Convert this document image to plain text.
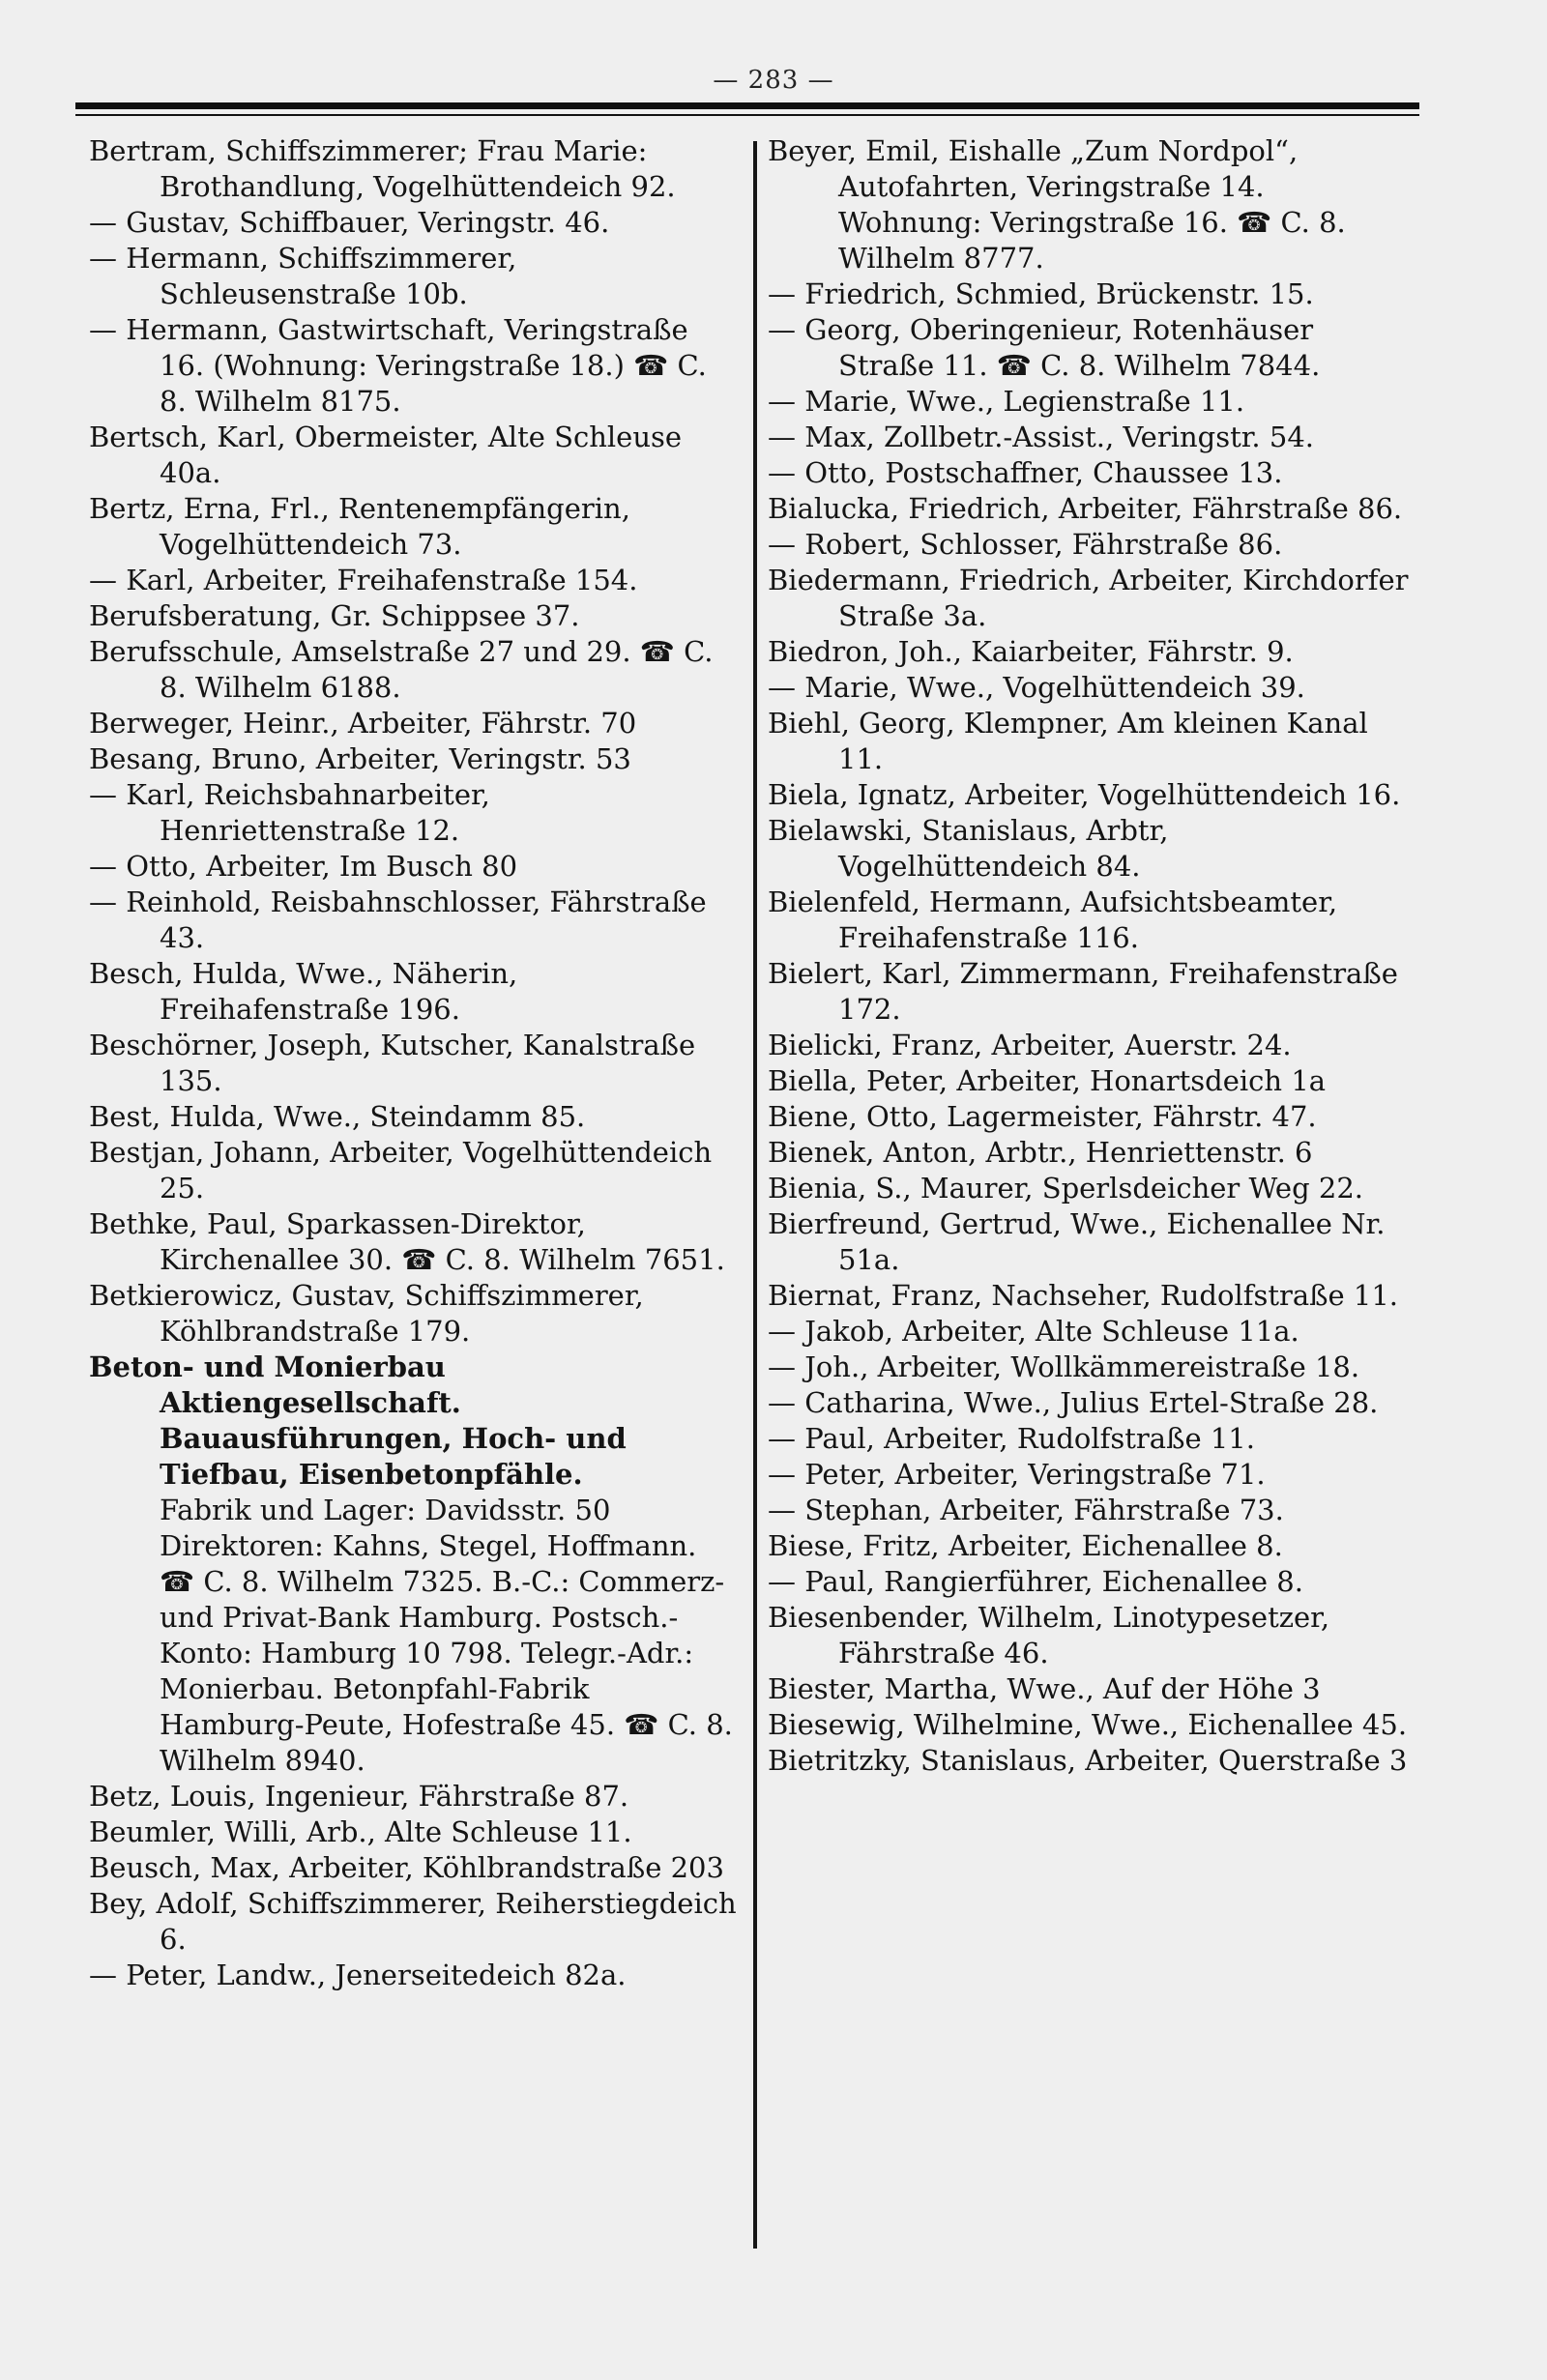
— 283 —

Bertram, Schiffszimmerer; Frau Marie: Brothandlung, Vogelhüttendeich 92.

— Gustav, Schiffbauer, Veringstr. 46.

— Hermann, Schiffszimmerer, Schleusenstraße 10b.

— Hermann, Gastwirtschaft, Veringstraße 16. (Wohnung: Veringstraße 18.) ☎ C. 8. Wilhelm 8175.

Bertsch, Karl, Obermeister, Alte Schleuse 40a.

Bertz, Erna, Frl., Rentenempfängerin, Vogelhüttendeich 73.

— Karl, Arbeiter, Freihafenstraße 154.

Berufsberatung, Gr. Schippsee 37.

Berufsschule, Amselstraße 27 und 29. ☎ C. 8. Wilhelm 6188.

Berweger, Heinr., Arbeiter, Fährstr. 70

Besang, Bruno, Arbeiter, Veringstr. 53

— Karl, Reichsbahnarbeiter, Henriettenstraße 12.

— Otto, Arbeiter, Im Busch 80

— Reinhold, Reisbahnschlosser, Fährstraße 43.

Besch, Hulda, Wwe., Näherin, Freihafenstraße 196.

Beschörner, Joseph, Kutscher, Kanalstraße 135.

Best, Hulda, Wwe., Steindamm 85.

Bestjan, Johann, Arbeiter, Vogelhüttendeich 25.

Bethke, Paul, Sparkassen-Direktor, Kirchenallee 30. ☎ C. 8. Wilhelm 7651.

Betkierowicz, Gustav, Schiffszimmerer, Köhlbrandstraße 179.

Beton- und Monierbau Aktiengesellschaft. Bauausführungen, Hoch- und Tiefbau, Eisenbetonpfähle.

Fabrik und Lager: Davidsstr. 50 Direktoren: Kahns, Stegel, Hoffmann. ☎ C. 8. Wilhelm 7325. B.-C.: Commerz- und Privat-Bank Hamburg. Postsch.-Konto: Hamburg 10 798. Telegr.-Adr.: Monierbau. Betonpfahl-Fabrik Hamburg-Peute, Hofestraße 45. ☎ C. 8. Wilhelm 8940.

Betz, Louis, Ingenieur, Fährstraße 87.

Beumler, Willi, Arb., Alte Schleuse 11.

Beusch, Max, Arbeiter, Köhlbrandstraße 203

Bey, Adolf, Schiffszimmerer, Reiherstiegdeich 6.

— Peter, Landw., Jenerseitedeich 82a.

Beyer, Emil, Eishalle „Zum Nordpol“, Autofahrten, Veringstraße 14. Wohnung: Veringstraße 16. ☎ C. 8. Wilhelm 8777.

— Friedrich, Schmied, Brückenstr. 15.

— Georg, Oberingenieur, Rotenhäuser Straße 11. ☎ C. 8. Wilhelm 7844.

— Marie, Wwe., Legienstraße 11.

— Max, Zollbetr.-Assist., Veringstr. 54.

— Otto, Postschaffner, Chaussee 13.

Bialucka, Friedrich, Arbeiter, Fährstraße 86.

— Robert, Schlosser, Fährstraße 86.

Biedermann, Friedrich, Arbeiter, Kirchdorfer Straße 3a.

Biedron, Joh., Kaiarbeiter, Fährstr. 9.

— Marie, Wwe., Vogelhüttendeich 39.

Biehl, Georg, Klempner, Am kleinen Kanal 11.

Biela, Ignatz, Arbeiter, Vogelhüttendeich 16.

Bielawski, Stanislaus, Arbtr, Vogelhüttendeich 84.

Bielenfeld, Hermann, Aufsichtsbeamter, Freihafenstraße 116.

Bielert, Karl, Zimmermann, Freihafenstraße 172.

Bielicki, Franz, Arbeiter, Auerstr. 24.

Biella, Peter, Arbeiter, Honartsdeich 1a

Biene, Otto, Lagermeister, Fährstr. 47.

Bienek, Anton, Arbtr., Henriettenstr. 6

Bienia, S., Maurer, Sperlsdeicher Weg 22.

Bierfreund, Gertrud, Wwe., Eichenallee Nr. 51a.

Biernat, Franz, Nachseher, Rudolfstraße 11.

— Jakob, Arbeiter, Alte Schleuse 11a.

— Joh., Arbeiter, Wollkämmereistraße 18.

— Catharina, Wwe., Julius Ertel-Straße 28.

— Paul, Arbeiter, Rudolfstraße 11.

— Peter, Arbeiter, Veringstraße 71.

— Stephan, Arbeiter, Fährstraße 73.

Biese, Fritz, Arbeiter, Eichenallee 8.

— Paul, Rangierführer, Eichenallee 8.

Biesenbender, Wilhelm, Linotypesetzer, Fährstraße 46.

Biester, Martha, Wwe., Auf der Höhe 3

Biesewig, Wilhelmine, Wwe., Eichenallee 45.

Bietritzky, Stanislaus, Arbeiter, Querstraße 3
